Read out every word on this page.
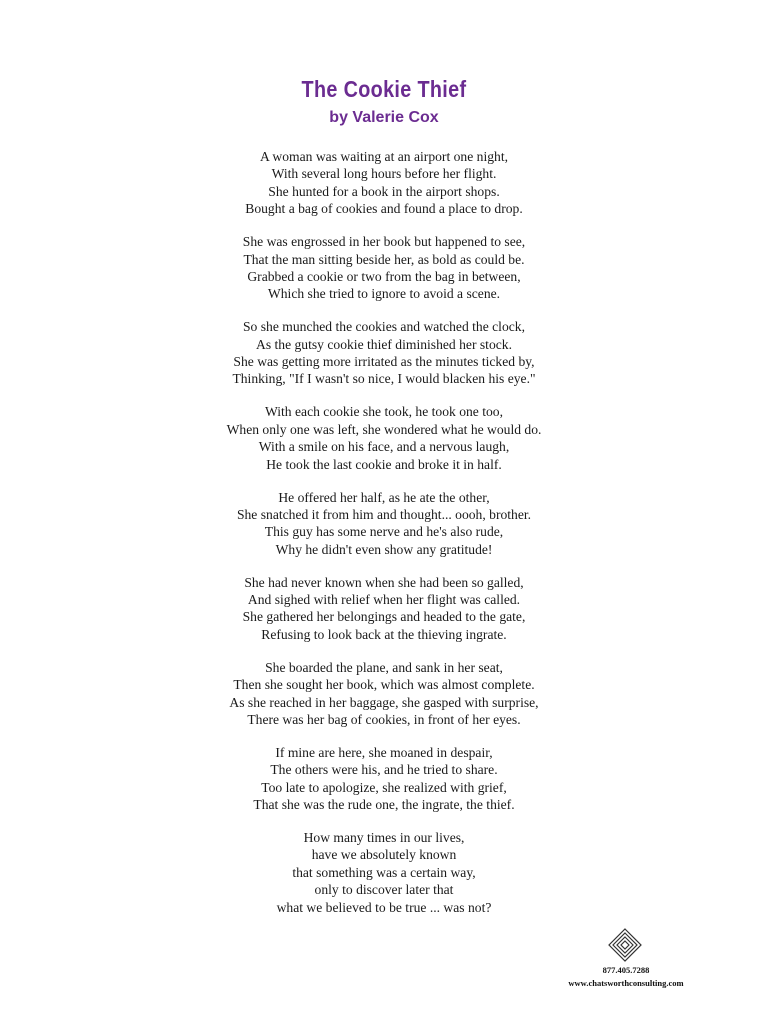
The Cookie Thief
by Valerie Cox
A woman was waiting at an airport one night,
With several long hours before her flight.
She hunted for a book in the airport shops.
Bought a bag of cookies and found a place to drop.
She was engrossed in her book but happened to see,
That the man sitting beside her, as bold as could be.
Grabbed a cookie or two from the bag in between,
Which she tried to ignore to avoid a scene.
So she munched the cookies and watched the clock,
As the gutsy cookie thief diminished her stock.
She was getting more irritated as the minutes ticked by,
Thinking, "If I wasn't so nice, I would blacken his eye."
With each cookie she took, he took one too,
When only one was left, she wondered what he would do.
With a smile on his face, and a nervous laugh,
He took the last cookie and broke it in half.
He offered her half, as he ate the other,
She snatched it from him and thought... oooh, brother.
This guy has some nerve and he's also rude,
Why he didn't even show any gratitude!
She had never known when she had been so galled,
And sighed with relief when her flight was called.
She gathered her belongings and headed to the gate,
Refusing to look back at the thieving ingrate.
She boarded the plane, and sank in her seat,
Then she sought her book, which was almost complete.
As she reached in her baggage, she gasped with surprise,
There was her bag of cookies, in front of her eyes.
If mine are here, she moaned in despair,
The others were his, and he tried to share.
Too late to apologize, she realized with grief,
That she was the rude one, the ingrate, the thief.
How many times in our lives,
have we absolutely known
that something was a certain way,
only to discover later that
what we believed to be true ... was not?
877.405.7288
www.chatsworthconsulting.com
